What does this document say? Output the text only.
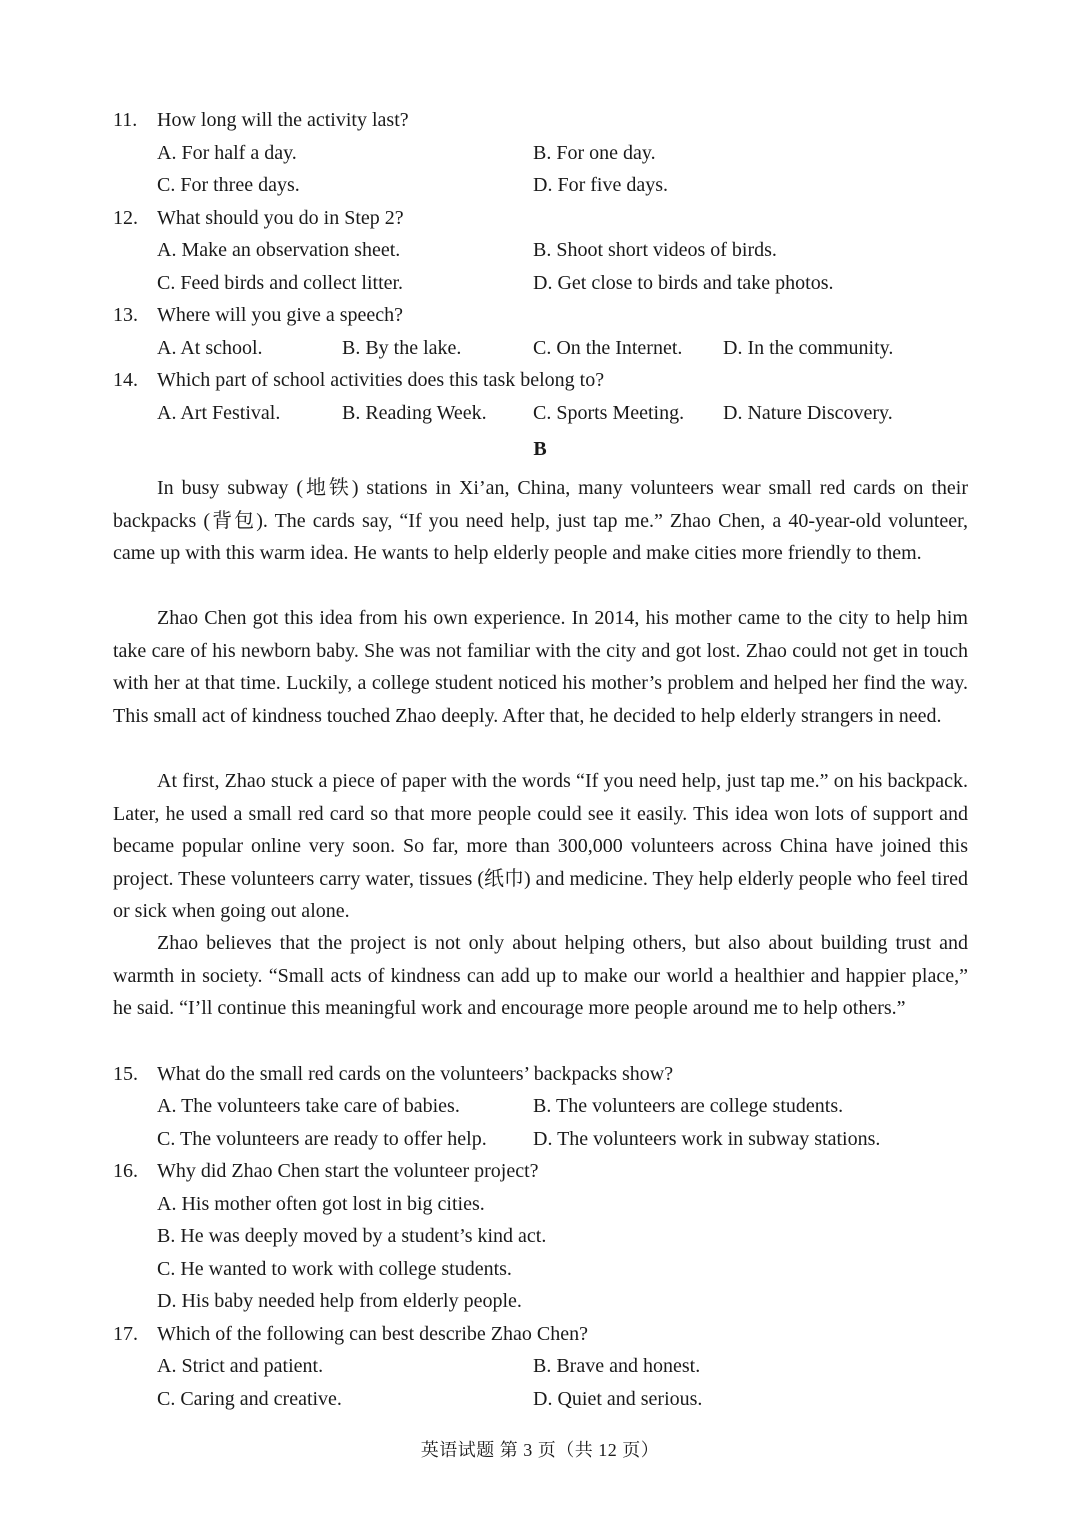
11. How long will the activity last?
A. For half a day.	B. For one day.
C. For three days.	D. For five days.
12. What should you do in Step 2?
A. Make an observation sheet.	B. Shoot short videos of birds.
C. Feed birds and collect litter.	D. Get close to birds and take photos.
13. Where will you give a speech?
A. At school.	B. By the lake.	C. On the Internet. D. In the community.
14. Which part of school activities does this task belong to?
A. Art Festival.	B. Reading Week. C. Sports Meeting. D. Nature Discovery.
B
In busy subway (地铁) stations in Xi’an, China, many volunteers wear small red cards on their backpacks (背包). The cards say, “If you need help, just tap me.” Zhao Chen, a 40-year-old volunteer, came up with this warm idea. He wants to help elderly people and make cities more friendly to them.
Zhao Chen got this idea from his own experience. In 2014, his mother came to the city to help him take care of his newborn baby. She was not familiar with the city and got lost. Zhao could not get in touch with her at that time. Luckily, a college student noticed his mother’s problem and helped her find the way. This small act of kindness touched Zhao deeply. After that, he decided to help elderly strangers in need.
At first, Zhao stuck a piece of paper with the words “If you need help, just tap me.” on his backpack. Later, he used a small red card so that more people could see it easily. This idea won lots of support and became popular online very soon. So far, more than 300,000 volunteers across China have joined this project. These volunteers carry water, tissues (纸巾) and medicine. They help elderly people who feel tired or sick when going out alone.
Zhao believes that the project is not only about helping others, but also about building trust and warmth in society. “Small acts of kindness can add up to make our world a healthier and happier place,” he said. “I’ll continue this meaningful work and encourage more people around me to help others.”
15. What do the small red cards on the volunteers’ backpacks show?
A. The volunteers take care of babies.	B. The volunteers are college students.
C. The volunteers are ready to offer help. D. The volunteers work in subway stations.
16. Why did Zhao Chen start the volunteer project?
A. His mother often got lost in big cities.
B. He was deeply moved by a student’s kind act.
C. He wanted to work with college students.
D. His baby needed help from elderly people.
17. Which of the following can best describe Zhao Chen?
A. Strict and patient.	B. Brave and honest.
C. Caring and creative.	D. Quiet and serious.
英语试题 第 3 页（共 12 页）
